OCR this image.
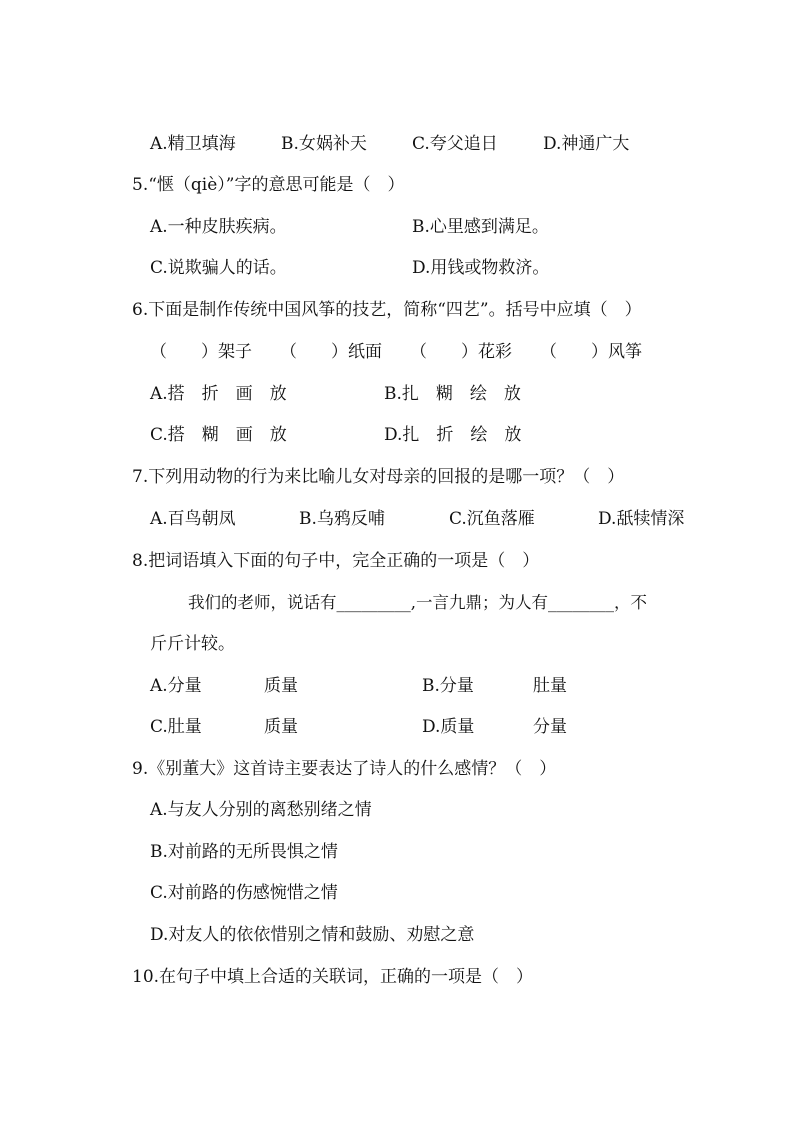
A.精卫填海	B.女娲补天	C.夸父追日	D.神通广大
5.“惬（qiè）”字的意思可能是（　）
A.一种皮肤疾病。	B.心里感到满足。
C.说欺骗人的话。	D.用钱或物救济。
6.下面是制作传统中国风筝的技艺，简称“四艺”。括号中应填（　）
（　　）架子 （　　）纸面 （　　）花彩 （　　）风筝
A.搭　折　画　放	B.扎　糊　绘　放
C.搭　糊　画　放	D.扎　折　绘　放
7.下列用动物的行为来比喻儿女对母亲的回报的是哪一项？（　）
A.百鸟朝凤	B.乌鸦反哺	C.沉鱼落雁	D.舐犊情深
8.把词语填入下面的句子中，完全正确的一项是（　）
我们的老师，说话有_________,一言九鼎；为人有________，不
斤斤计较。
A.分量	质量	B.分量	肚量
C.肚量	质量	D.质量	分量
9.《别董大》这首诗主要表达了诗人的什么感情？（　）
A.与友人分别的离愁别绪之情
B.对前路的无所畏惧之情
C.对前路的伤感惋惜之情
D.对友人的依依惜别之情和鼓励、劝慰之意
10.在句子中填上合适的关联词，正确的一项是（　）
